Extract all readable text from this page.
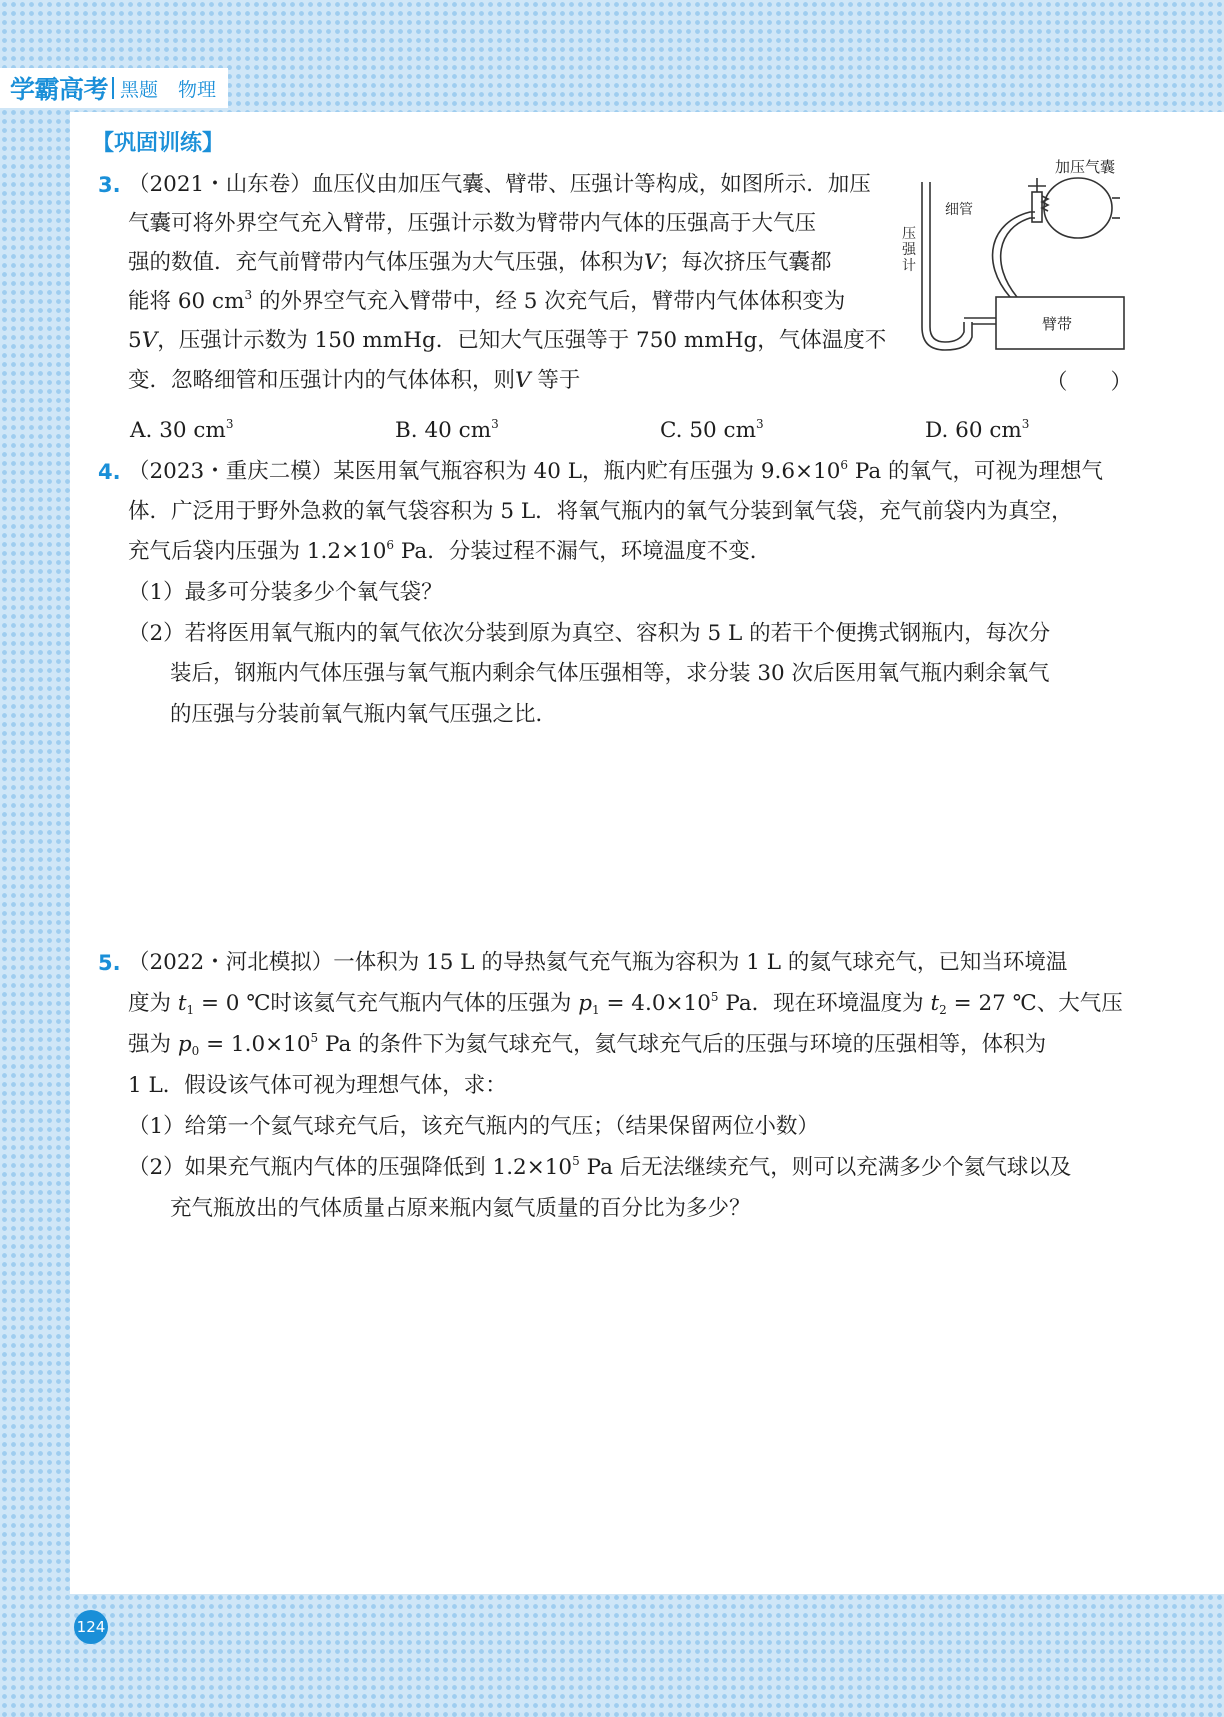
学霸高考 黑题 物理
【巩固训练】
3. （2021・山东卷）血压仪由加压气囊、臂带、压强计等构成，如图所示．加压
气囊可将外界空气充入臂带，压强计示数为臂带内气体的压强高于大气压
强的数值．充气前臂带内气体压强为大气压强，体积为V；每次挤压气囊都
能将 60 $cm^3$ 的外界空气充入臂带中，经 5 次充气后，臂带内气体体积变为
5V，压强计示数为 150 mmHg．已知大气压强等于 750 mmHg，气体温度不
变．忽略细管和压强计内的气体体积，则V 等于	（　　）
A. 30 $cm^3$	B. 40 $cm^3$	C. 50 $cm^3$	D. 60 $cm^3$
加压气囊
细管
压
强
计
臂带
4. （2023・重庆二模）某医用氧气瓶容积为 40 L，瓶内贮有压强为 $9.6\times 10^6$ Pa 的氧气，可视为理想气
体．广泛用于野外急救的氧气袋容积为 5 L．将氧气瓶内的氧气分装到氧气袋，充气前袋内为真空，
充气后袋内压强为 $1.2\times 10^6$ Pa．分装过程不漏气，环境温度不变．
（1）最多可分装多少个氧气袋？
（2）若将医用氧气瓶内的氧气依次分装到原为真空、容积为 5 L 的若干个便携式钢瓶内，每次分
装后，钢瓶内气体压强与氧气瓶内剩余气体压强相等，求分装 30 次后医用氧气瓶内剩余氧气
的压强与分装前氧气瓶内氧气压强之比．
5. （2022・河北模拟）一体积为 15 L 的导热氦气充气瓶为容积为 1 L 的氦气球充气，已知当环境温
度为 $t_1 = 0$ ℃时该氦气充气瓶内气体的压强为 $p_1 = 4.0\times 10^5$ Pa．现在环境温度为 $t_2 = 27$ ℃、大气压
强为 $p_0 = 1.0\times 10^5$ Pa 的条件下为氦气球充气，氦气球充气后的压强与环境的压强相等，体积为
1 L．假设该气体可视为理想气体，求：
（1）给第一个氦气球充气后，该充气瓶内的气压；（结果保留两位小数）
（2）如果充气瓶内气体的压强降低到 $1.2\times 10^5$ Pa 后无法继续充气，则可以充满多少个氦气球以及
充气瓶放出的气体质量占原来瓶内氦气质量的百分比为多少？
124
